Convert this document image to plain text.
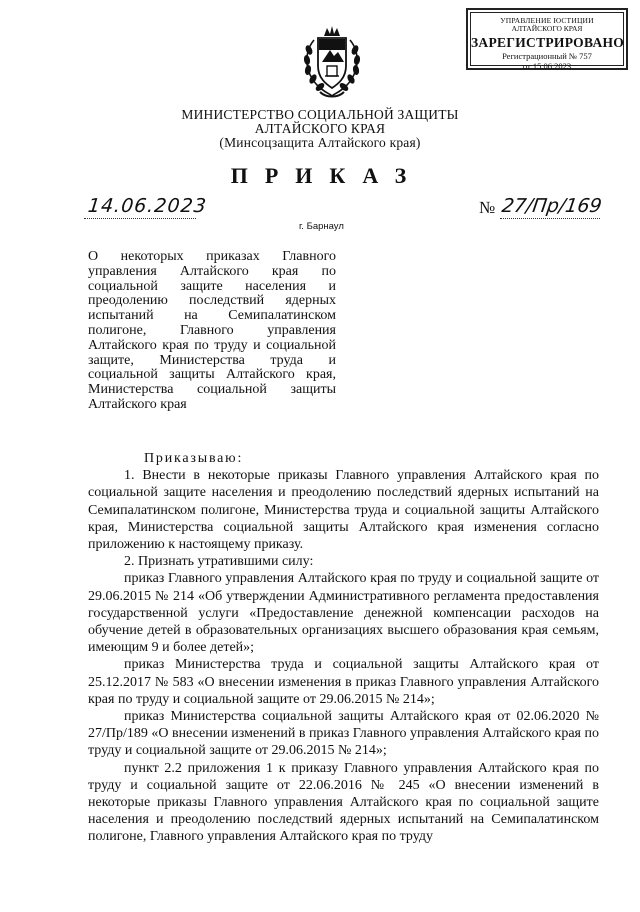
УПРАВЛЕНИЕ ЮСТИЦИИ
АЛТАЙСКОГО КРАЯ
ЗАРЕГИСТРИРОВАНО
Регистрационный № 757
от 15.06.2023
МИНИСТЕРСТВО СОЦИАЛЬНОЙ ЗАЩИТЫ
АЛТАЙСКОГО КРАЯ
(Минсоцзащита Алтайского края)
ПРИКАЗ
14.06.2023	№ 27/Пр/169
г. Барнаул
О некоторых приказах Главного управления Алтайского края по социальной защите населения и преодолению последствий ядерных испытаний на Семипалатинском полигоне, Главного управления Алтайского края по труду и социальной защите, Министерства труда и социальной защиты Алтайского края, Министерства социальной защиты Алтайского края

Приказываю:

1. Внести в некоторые приказы Главного управления Алтайского края по социальной защите населения и преодолению последствий ядерных испытаний на Семипалатинском полигоне, Министерства труда и социальной защиты Алтайского края, Министерства социальной защиты Алтайского края изменения согласно приложению к настоящему приказу.

2. Признать утратившими силу:

приказ Главного управления Алтайского края по труду и социальной защите от 29.06.2015 № 214 «Об утверждении Административного регламента предоставления государственной услуги «Предоставление денежной компенсации расходов на обучение детей в образовательных организациях высшего образования края семьям, имеющим 9 и более детей»;

приказ Министерства труда и социальной защиты Алтайского края от 25.12.2017 № 583 «О внесении изменения в приказ Главного управления Алтайского края по труду и социальной защите от 29.06.2015 № 214»;

приказ Министерства социальной защиты Алтайского края от 02.06.2020 № 27/Пр/189 «О внесении изменений в приказ Главного управления Алтайского края по труду и социальной защите от 29.06.2015 № 214»;

пункт 2.2 приложения 1 к приказу Главного управления Алтайского края по труду и социальной защите от 22.06.2016 № 245 «О внесении изменений в некоторые приказы Главного управления Алтайского края по социальной защите населения и преодолению последствий ядерных испытаний на Семипалатинском полигоне, Главного управления Алтайского края по труду
